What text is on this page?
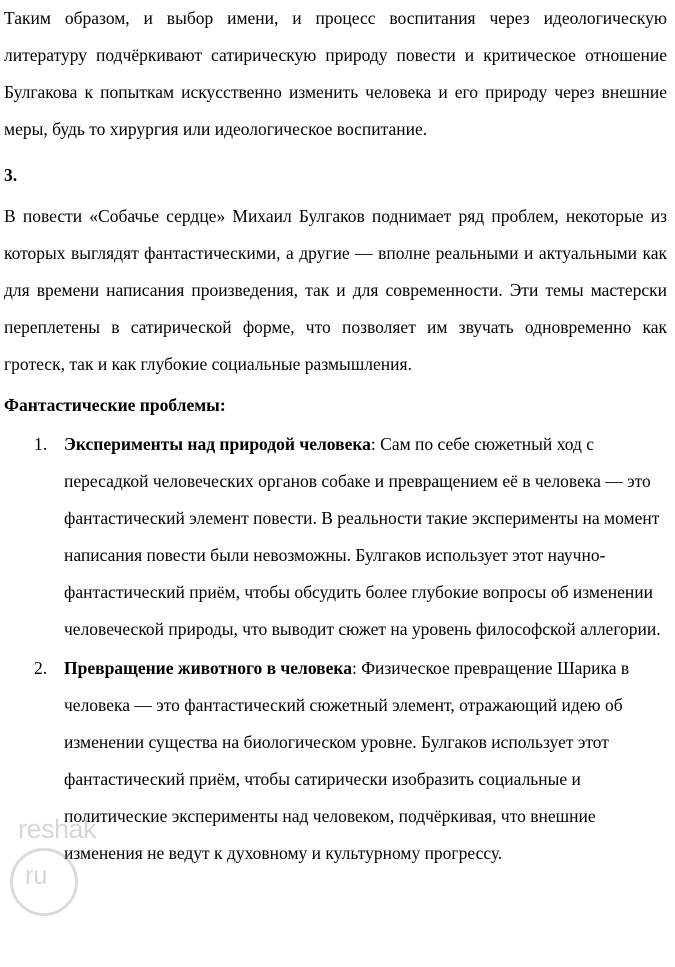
Таким образом, и выбор имени, и процесс воспитания через идеологическую литературу подчёркивают сатирическую природу повести и критическое отношение Булгакова к попыткам искусственно изменить человека и его природу через внешние меры, будь то хирургия или идеологическое воспитание.

3.

В повести «Собачье сердце» Михаил Булгаков поднимает ряд проблем, некоторые из которых выглядят фантастическими, а другие — вполне реальными и актуальными как для времени написания произведения, так и для современности. Эти темы мастерски переплетены в сатирической форме, что позволяет им звучать одновременно как гротеск, так и как глубокие социальные размышления.

Фантастические проблемы:
1. Эксперименты над природой человека: Сам по себе сюжетный ход с пересадкой человеческих органов собаке и превращением её в человека — это фантастический элемент повести. В реальности такие эксперименты на момент написания повести были невозможны. Булгаков использует этот научно-фантастический приём, чтобы обсудить более глубокие вопросы об изменении человеческой природы, что выводит сюжет на уровень философской аллегории.
2. Превращение животного в человека: Физическое превращение Шарика в человека — это фантастический сюжетный элемент, отражающий идею об изменении существа на биологическом уровне. Булгаков использует этот фантастический приём, чтобы сатирически изобразить социальные и политические эксперименты над человеком, подчёркивая, что внешние изменения не ведут к духовному и культурному прогрессу.
reshak
ru
